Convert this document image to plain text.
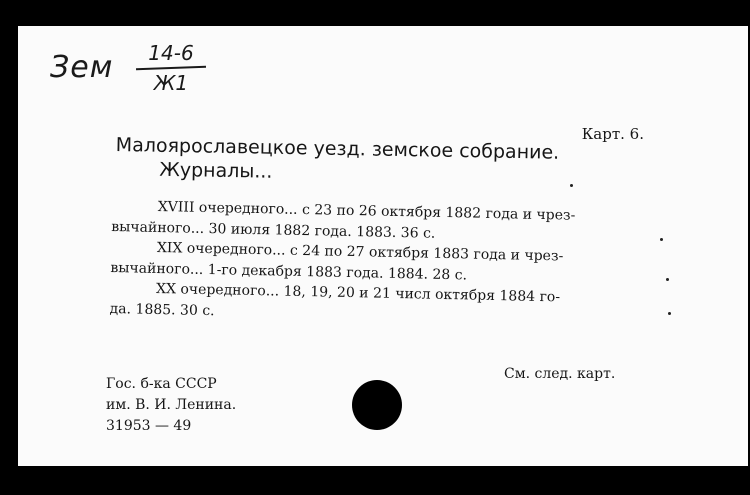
Зем	14-6
Ж1
Карт. 6.
Малоярославецкое уезд. земское собрание.
Журналы...

XVIII очередного... с 23 по 26 октября 1882 года и чрез-
вычайного... 30 июля 1882 года. 1883. 36 с.

XIX очередного... с 24 по 27 октября 1883 года и чрез-
вычайного... 1-го декабря 1883 года. 1884. 28 с.

XX очередного... 18, 19, 20 и 21 числ октября 1884 го-
да. 1885. 30 с.

См. след. карт.
Гос. б-ка СССР
им. В. И. Ленина.
31953 — 49
